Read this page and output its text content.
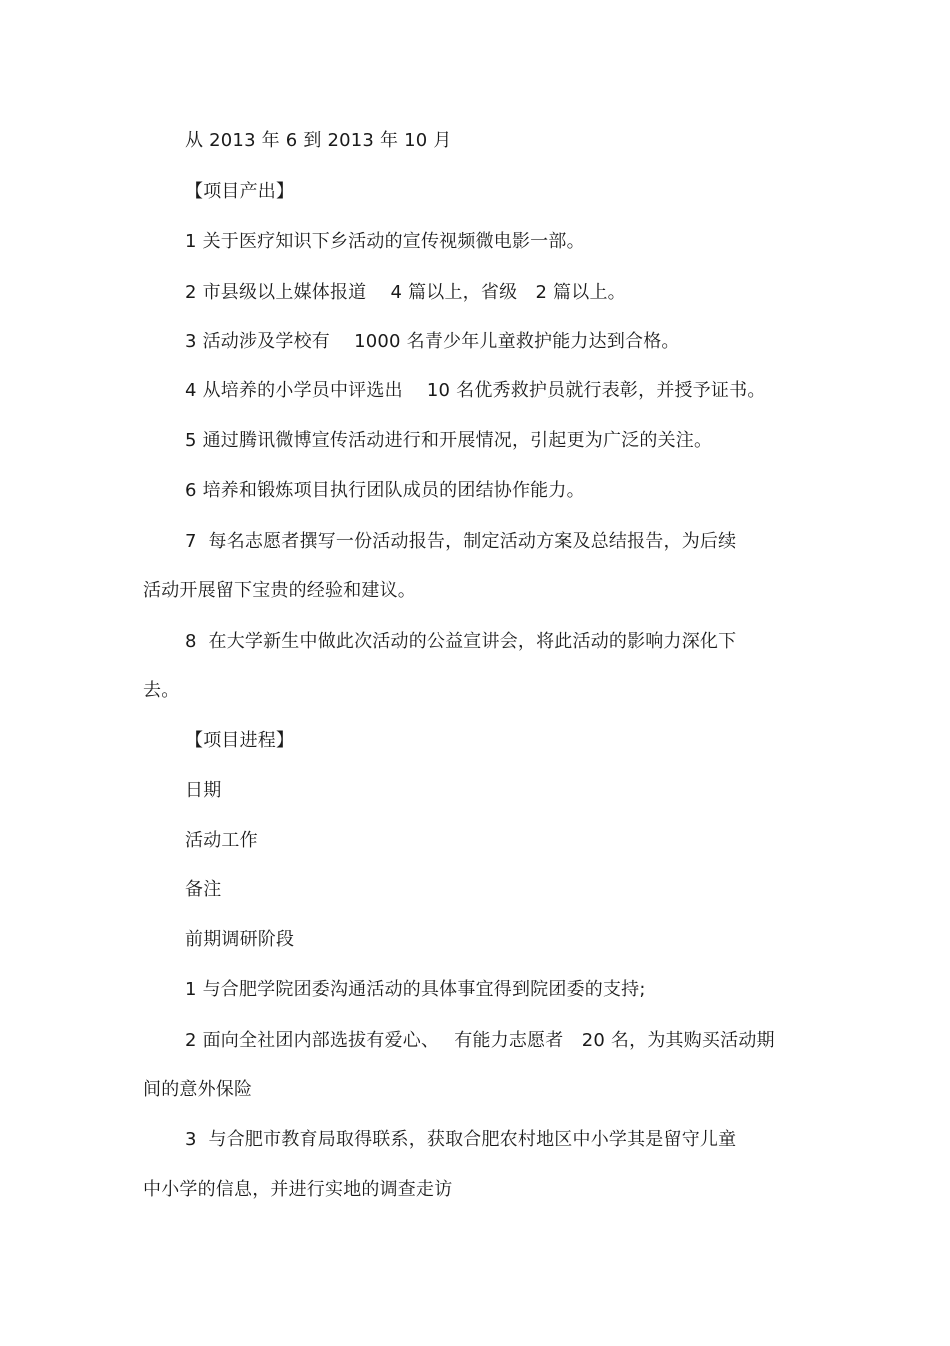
从 2013 年 6 到 2013 年 10 月
【项目产出】
1 关于医疗知识下乡活动的宣传视频微电影一部。
2 市县级以上媒体报道　 4 篇以上，省级　2 篇以上。
3 活动涉及学校有　 1000 名青少年儿童救护能力达到合格。
4 从培养的小学员中评选出　 10 名优秀救护员就行表彰，并授予证书。
5 通过腾讯微博宣传活动进行和开展情况，引起更为广泛的关注。
6 培养和锻炼项目执行团队成员的团结协作能力。
7  每名志愿者撰写一份活动报告，制定活动方案及总结报告，为后续
活动开展留下宝贵的经验和建议。
8  在大学新生中做此次活动的公益宣讲会，将此活动的影响力深化下
去。
【项目进程】
日期
活动工作
备注
前期调研阶段
1 与合肥学院团委沟通活动的具体事宜得到院团委的支持;
2 面向全社团内部选拔有爱心、　 有能力志愿者　20 名，为其购买活动期
间的意外保险
3  与合肥市教育局取得联系，获取合肥农村地区中小学其是留守儿童
中小学的信息，并进行实地的调查走访
